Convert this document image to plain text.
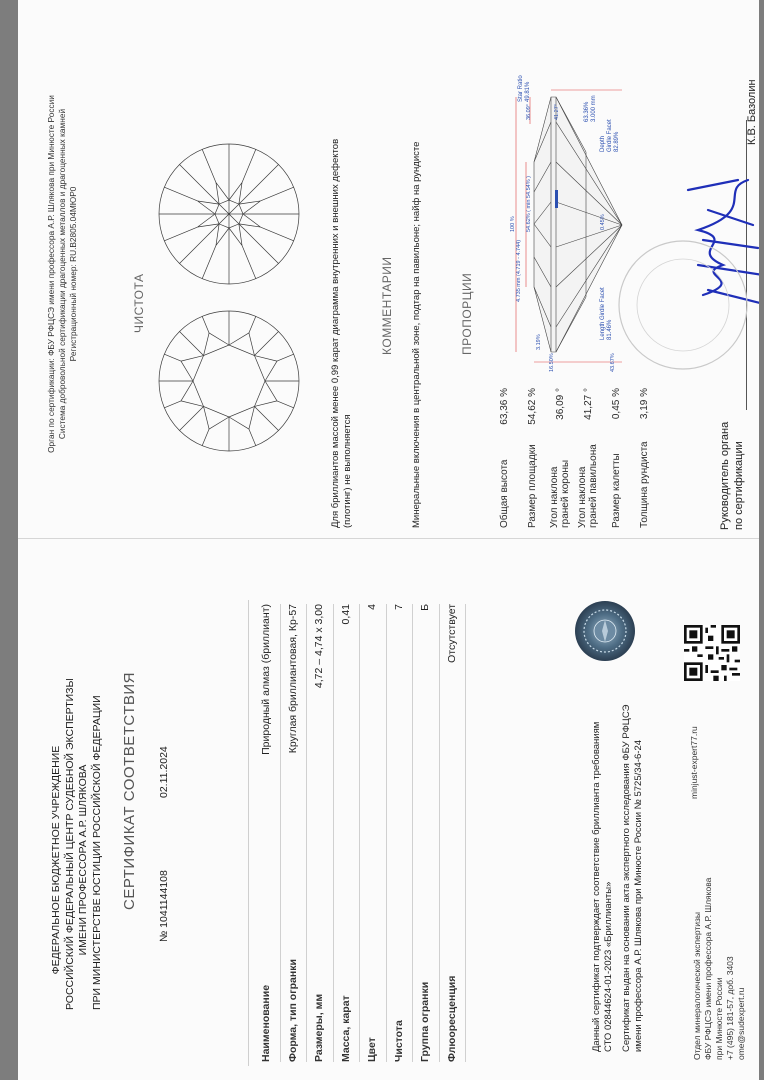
ФЕДЕРАЛЬНОЕ БЮДЖЕТНОЕ УЧРЕЖДЕНИЕ РОССИЙСКИЙ ФЕДЕРАЛЬНЫЙ ЦЕНТР СУДЕБНОЙ ЭКСПЕРТИЗЫ ИМЕНИ ПРОФЕССОРА А.Р. ШЛЯКОВА ПРИ МИНИСТЕРСТВЕ ЮСТИЦИИ РОССИЙСКОЙ ФЕДЕРАЦИИ СЕРТИФИКАТ СООТВЕТСТВИЯ № 1041144108
02.11.2024
Наименование
Природный алмаз (бриллиант)
Форма, тип огранки
Круглая бриллиантовая, Кр-57
Размеры, мм
4,72 – 4,74 x 3,00
Масса, карат
0,41
Цвет
4
Чистота
7
Группа огранки
Б
Флюоресценция
Отсутствует
Данный сертификат подтверждает соответствие бриллианта требованиям СТО 02844624-01-2023 «Бриллианты» Сертификат выдан на основании акта экспертного исследования ФБУ РФЦСЭ имени профессора А.Р. Шлякова при Минюсте России № 5725/34-6-24	minjust-expert77.ru
Отдел минералогической экспертизы ФБУ РФЦСЭ имени профессора А.Р. Шлякова при Минюсте России +7 (495) 181-57, доб. 3403 ome@sudexpert.ru
Орган по сертификации: ФБУ РФЦСЭ имени профессора А.Р. Шлякова при Минюсте России Система добровольной сертификации драгоценных металлов и драгоценных камней Регистрационный номер: RU.В2805.04МЮР0	ЧИСТОТА	Для бриллиантов массой менее 0,99 карат диаграмма внутренних и внешних дефектов (плотинг) не выполняется
КОММЕНТАРИИ Минеральные включения в центральной зоне, подтар на павильоне; найф на рундисте	ПРОПОРЦИИ
Общая высота
63,36 %
Размер площадки
54,62 %
Угол наклона граней короны
36,09 °
Угол наклона граней павильона
41,27 °
Размер калетты
0,45 %
Толщина рундиста
3,19 %
4.735 mm (4.719 - 4.744)
54.62% ( min 54.54% )
100 %
16.50%
3.19%
43.67%
0.45%
36.09°	41.27°
Star Ratio 49.81%
Depth Girdle Facet 82.89%
63.36% 3.000 mm
Length Girdle Facet 81.46%
Руководитель органа по сертификации
К.В. Базолин
